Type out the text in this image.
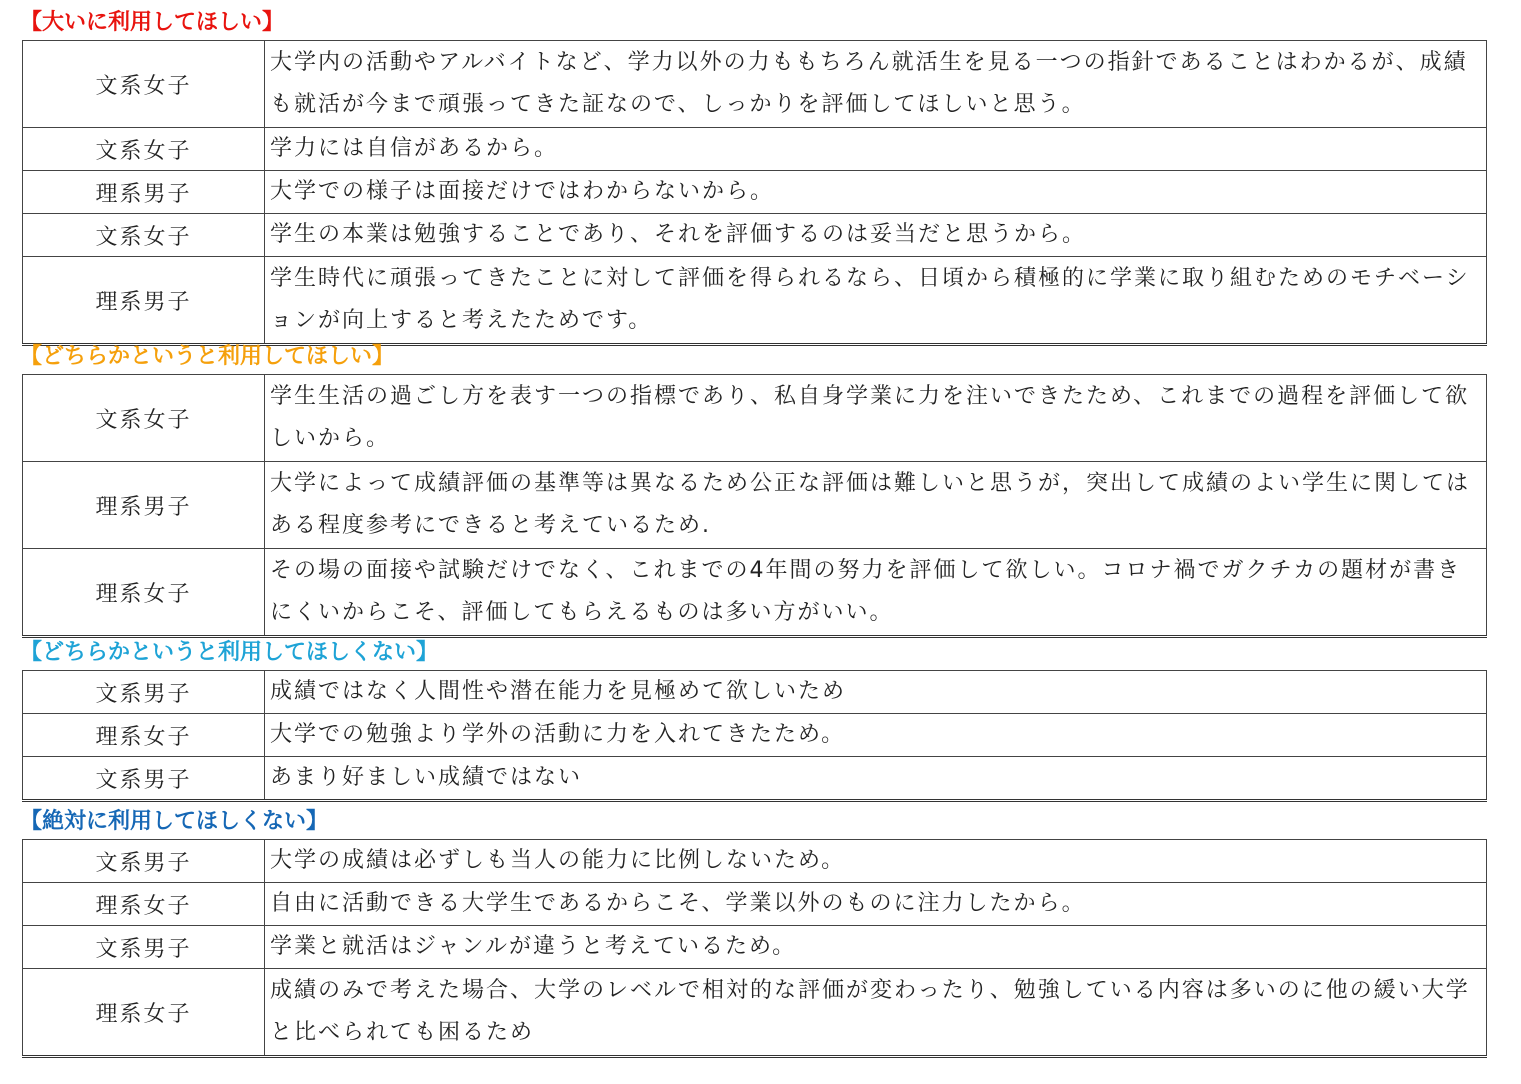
【大いに利用してほしい】
文系女子	大学内の活動やアルバイトなど、学力以外の力ももちろん就活生を見る一つの指針であることはわかるが、成績も就活が今まで頑張ってきた証なので、しっかりを評価してほしいと思う。
文系女子	学力には自信があるから。
理系男子	大学での様子は面接だけではわからないから。
文系女子	学生の本業は勉強することであり、それを評価するのは妥当だと思うから。
理系男子	学生時代に頑張ってきたことに対して評価を得られるなら、日頃から積極的に学業に取り組むためのモチベーションが向上すると考えたためです。
【どちらかというと利用してほしい】
文系女子	学生生活の過ごし方を表す一つの指標であり、私自身学業に力を注いできたため、これまでの過程を評価して欲しいから。
理系男子	大学によって成績評価の基準等は異なるため公正な評価は難しいと思うが，突出して成績のよい学生に関してはある程度参考にできると考えているため.
理系女子	その場の面接や試験だけでなく、これまでの4年間の努力を評価して欲しい。コロナ禍でガクチカの題材が書きにくいからこそ、評価してもらえるものは多い方がいい。
【どちらかというと利用してほしくない】
文系男子	成績ではなく人間性や潜在能力を見極めて欲しいため
理系女子	大学での勉強より学外の活動に力を入れてきたため。
文系男子	あまり好ましい成績ではない
【絶対に利用してほしくない】
文系男子	大学の成績は必ずしも当人の能力に比例しないため。
理系女子	自由に活動できる大学生であるからこそ、学業以外のものに注力したから。
文系男子	学業と就活はジャンルが違うと考えているため。
理系女子	成績のみで考えた場合、大学のレベルで相対的な評価が変わったり、勉強している内容は多いのに他の緩い大学と比べられても困るため
